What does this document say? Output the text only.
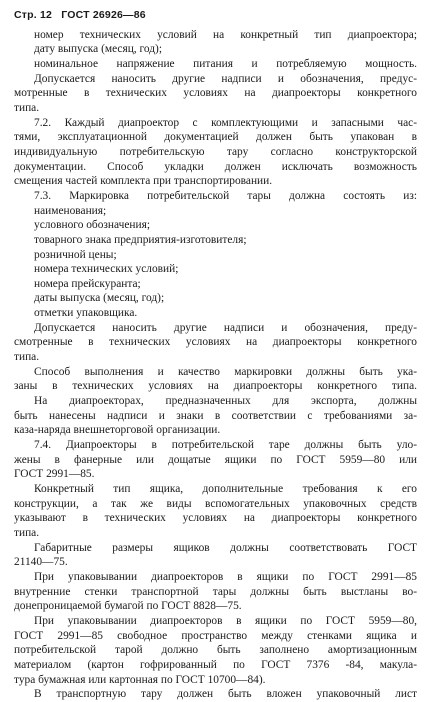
Стр. 12 ГОСТ 26926—86
номер технических условий на конкретный тип диапроектора;
дату выпуска (месяц, год);
номинальное напряжение питания и потребляемую мощность.
Допускается наносить другие надписи и обозначения, предус-
мотренные в технических условиях на диапроекторы конкретного
типа.
7.2. Каждый диапроектор с комплектующими и запасными час-
тями, эксплуатационной документацией должен быть упакован в
индивидуальную потребительскую тару согласно конструкторской
документации. Способ укладки должен исключать возможность
смещения частей комплекта при транспортировании.
7.3. Маркировка потребительской тары должна состоять из:
наименования;
условного обозначения;
товарного знака предприятия-изготовителя;
розничной цены;
номера технических условий;
номера прейскуранта;
даты выпуска (месяц, год);
отметки упаковщика.
Допускается наносить другие надписи и обозначения, преду-
смотренные в технических условиях на диапроекторы конкретного
типа.
Способ выполнения и качество маркировки должны быть ука-
заны в технических условиях на диапроекторы конкретного типа.
На диапроекторах, предназначенных для экспорта, должны
быть нанесены надписи и знаки в соответствии с требованиями за-
каза-наряда внешнеторговой организации.
7.4. Диапроекторы в потребительской таре должны быть уло-
жены в фанерные или дощатые ящики по ГОСТ 5959—80 или
ГОСТ 2991—85.
Конкретный тип ящика, дополнительные требования к его
конструкции, а так же виды вспомогательных упаковочных средств
указывают в технических условиях на диапроекторы конкретного
типа.
Габаритные размеры ящиков должны соответствовать ГОСТ
21140—75.
При упаковывании диапроекторов в ящики по ГОСТ 2991—85
внутренние стенки транспортной тары должны быть выстланы во-
донепроницаемой бумагой по ГОСТ 8828—75.
При упаковывании диапроекторов в ящики по ГОСТ 5959—80,
ГОСТ 2991—85 свободное пространство между стенками ящика и
потребительской тарой должно быть заполнено амортизационным
материалом (картон гофрированный по ГОСТ 7376 -84, макула-
тура бумажная или картонная по ГОСТ 10700—84).
В транспортную тару должен быть вложен упаковочный лист
